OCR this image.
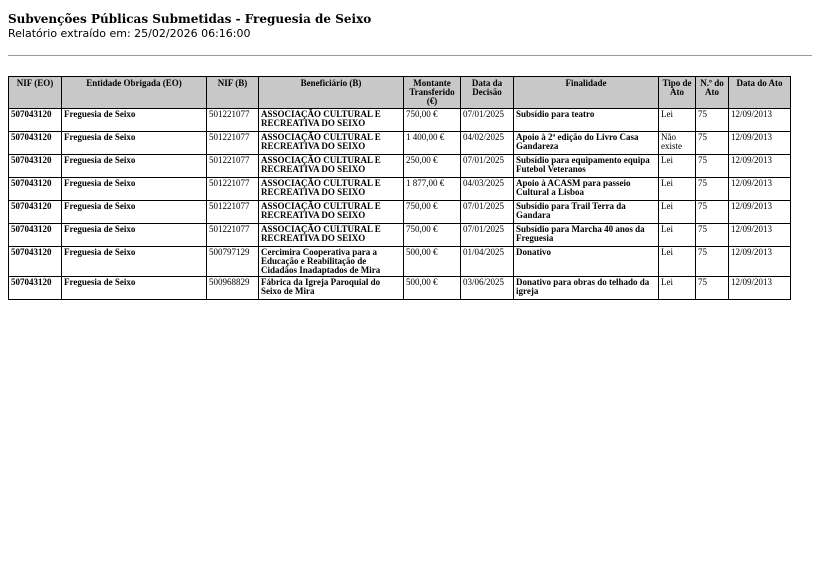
Subvenções Públicas Submetidas - Freguesia de Seixo
Relatório extraído em: 25/02/2026 06:16:00
NIF (EO)	Entidade Obrigada (EO)	NIF (B)	Beneficiário (B)	Montante Transferido (€)	Data da Decisão	Finalidade	Tipo de Ato	N.º do Ato	Data do Ato
507043120	Freguesia de Seixo	501221077	ASSOCIAÇÃO CULTURAL E RECREATIVA DO SEIXO	750,00 €	07/01/2025	Subsídio para teatro	Lei	75	12/09/2013
507043120	Freguesia de Seixo	501221077	ASSOCIAÇÃO CULTURAL E RECREATIVA DO SEIXO	1 400,00 €	04/02/2025	Apoio à 2ª edição do Livro Casa Gandareza	Não existe	75	12/09/2013
507043120	Freguesia de Seixo	501221077	ASSOCIAÇÃO CULTURAL E RECREATIVA DO SEIXO	250,00 €	07/01/2025	Subsídio para equipamento equipa Futebol Veteranos	Lei	75	12/09/2013
507043120	Freguesia de Seixo	501221077	ASSOCIAÇÃO CULTURAL E RECREATIVA DO SEIXO	1 877,00 €	04/03/2025	Apoio à ACASM para passeio Cultural a Lisboa	Lei	75	12/09/2013
507043120	Freguesia de Seixo	501221077	ASSOCIAÇÃO CULTURAL E RECREATIVA DO SEIXO	750,00 €	07/01/2025	Subsídio para Trail Terra da Gandara	Lei	75	12/09/2013
507043120	Freguesia de Seixo	501221077	ASSOCIAÇÃO CULTURAL E RECREATIVA DO SEIXO	750,00 €	07/01/2025	Subsídio para Marcha 40 anos da Freguesia	Lei	75	12/09/2013
507043120	Freguesia de Seixo	500797129	Cercimira Cooperativa para a Educação e Reabilitação de Cidadãos Inadaptados de Mira	500,00 €	01/04/2025	Donativo	Lei	75	12/09/2013
507043120	Freguesia de Seixo	500968829	Fábrica da Igreja Paroquial do Seixo de Mira	500,00 €	03/06/2025	Donativo para obras do telhado da igreja	Lei	75	12/09/2013
